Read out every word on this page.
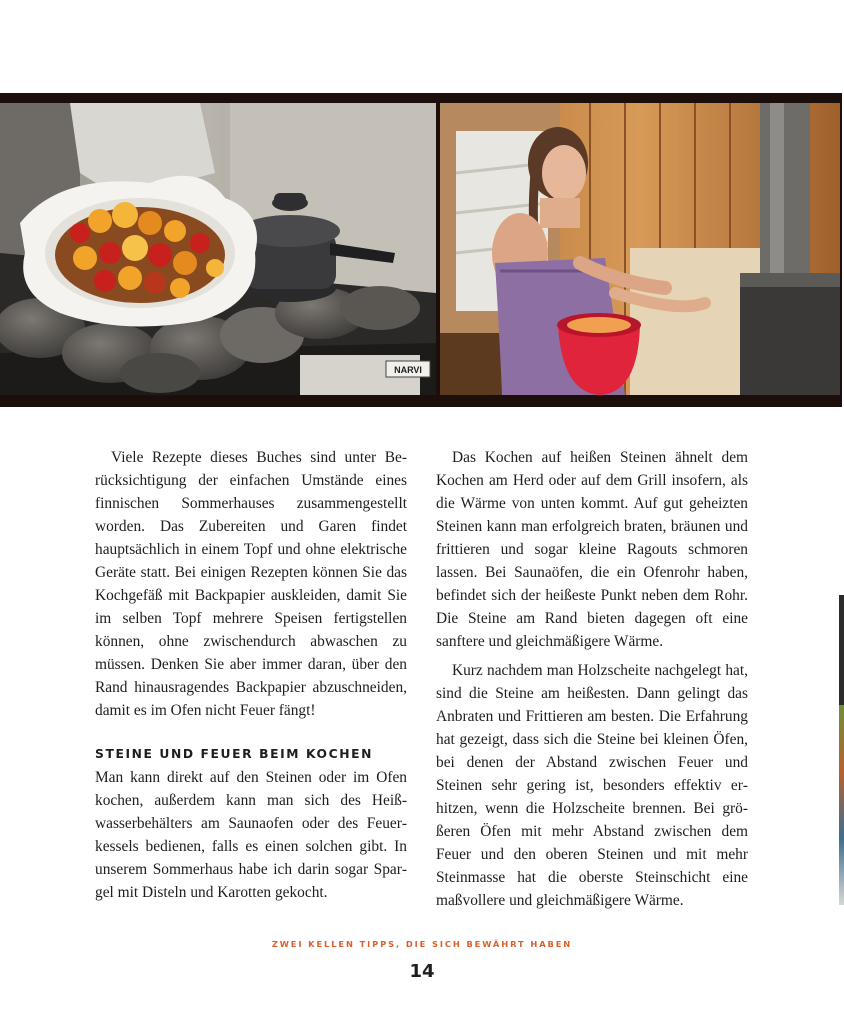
NARVI

Viele Rezepte dieses Buches sind unter Berücksichtigung der einfachen Umstände eines finnischen Sommerhauses zusammengestellt worden. Das Zubereiten und Garen findet hauptsächlich in einem Topf und ohne elektrische Geräte statt. Bei einigen Rezepten können Sie das Kochgefäß mit Backpapier auskleiden, damit Sie im selben Topf mehrere Speisen fertigstellen können, ohne zwischendurch abwaschen zu müssen. Denken Sie aber immer daran, über den Rand hinausragendes Backpapier abzuschneiden, damit es im Ofen nicht Feuer fängt!

STEINE UND FEUER BEIM KOCHEN

Man kann direkt auf den Steinen oder im Ofen kochen, außerdem kann man sich des Heißwasserbehälters am Saunaofen oder des Feuerkessels bedienen, falls es einen solchen gibt. In unserem Sommerhaus habe ich darin sogar Spargel mit Disteln und Karotten gekocht.

Das Kochen auf heißen Steinen ähnelt dem Kochen am Herd oder auf dem Grill insofern, als die Wärme von unten kommt. Auf gut geheizten Steinen kann man erfolgreich braten, bräunen und frittieren und sogar kleine Ragouts schmoren lassen. Bei Saunaöfen, die ein Ofenrohr haben, befindet sich der heißeste Punkt neben dem Rohr. Die Steine am Rand bieten dagegen oft eine sanftere und gleichmäßigere Wärme.

Kurz nachdem man Holzscheite nachgelegt hat, sind die Steine am heißesten. Dann gelingt das Anbraten und Frittieren am besten. Die Erfahrung hat gezeigt, dass sich die Steine bei kleinen Öfen, bei denen der Abstand zwischen Feuer und Steinen sehr gering ist, besonders effektiv erhitzen, wenn die Holzscheite brennen. Bei größeren Öfen mit mehr Abstand zwischen dem Feuer und den oberen Steinen und mit mehr Steinmasse hat die oberste Steinschicht eine maßvollere und gleichmäßigere Wärme.

ZWEI KELLEN TIPPS, DIE SICH BEWÄHRT HABEN
14
